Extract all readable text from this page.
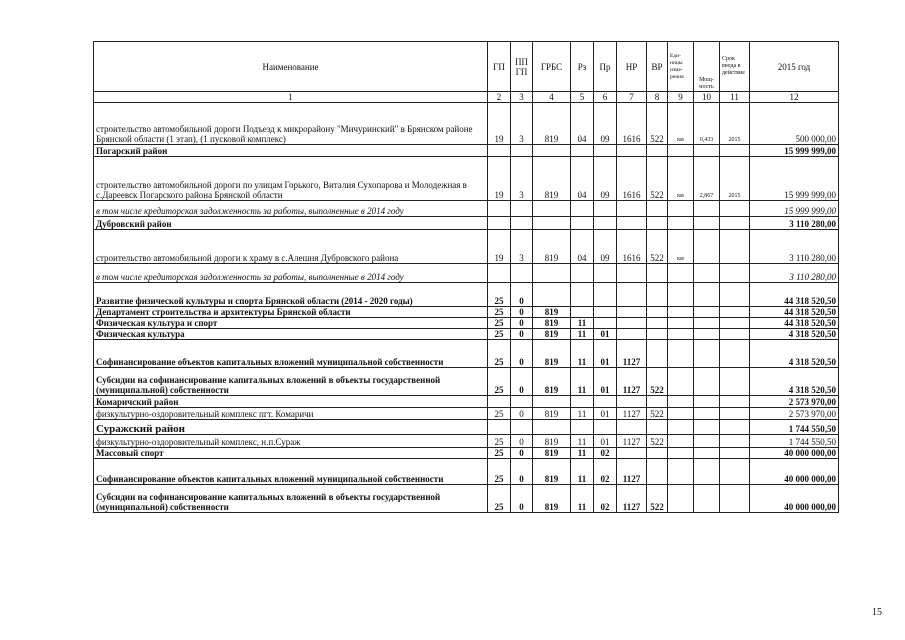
Наименование	ГП	ПП ГП	ГРБС	Рз	Пр	НР	ВР	Еди-ницы изме-рения	Мощ-ность	Срок ввода в действие	2015 год
1	2	3	4	5	6	7	8	9	10	11	12
строительство автомобильной дороги Подъезд к микрорайону "Мичуринский" в Брянском районе Брянской области (1 этап), (1 пусковой комплекс)	19	3	819	04	09	1616	522	км	0,433	2015	500 000,00
Погарский район											15 999 999,00
строительство автомобильной дороги по улицам Горького, Виталия Сухопарова и Молодежная в с.Дареевск Погарского района Брянской области	19	3	819	04	09	1616	522	км	2,867	2015	15 999 999,00
в том числе кредиторская задолженность за работы, выполненные в 2014 году											15 999 999,00
Дубровский район											3 110 280,00
строительство автомобильной дороги к храму в с.Алешня Дубровского района	19	3	819	04	09	1616	522	км			3 110 280,00
в том числе кредиторская задолженность за работы, выполненные в 2014 году											3 110 280,00
Развитие физической культуры и спорта Брянской области (2014 - 2020 годы)	25	0									44 318 520,50
Департамент строительства и архитектуры Брянской области	25	0	819								44 318 520,50
Физическая культура и спорт	25	0	819	11							44 318 520,50
Физическая культура	25	0	819	11	01						4 318 520,50
Софинансирование объектов капитальных вложений муниципальной собственности	25	0	819	11	01	1127					4 318 520,50
Субсидии на софинансирование капитальных вложений в объекты государственной (муниципальной) собственности	25	0	819	11	01	1127	522				4 318 520,50
Комаричский район											2 573 970,00
физкультурно-оздоровительный комплекс пгт. Комаричи	25	0	819	11	01	1127	522				2 573 970,00
Суражский район											1 744 550,50
физкультурно-оздоровительный комплекс, н.п.Сураж	25	0	819	11	01	1127	522				1 744 550,50
Массовый спорт	25	0	819	11	02						40 000 000,00
Софинансирование объектов капитальных вложений муниципальной собственности	25	0	819	11	02	1127					40 000 000,00
Субсидии на софинансирование капитальных вложений в объекты государственной (муниципальной) собственности	25	0	819	11	02	1127	522				40 000 000,00
15
